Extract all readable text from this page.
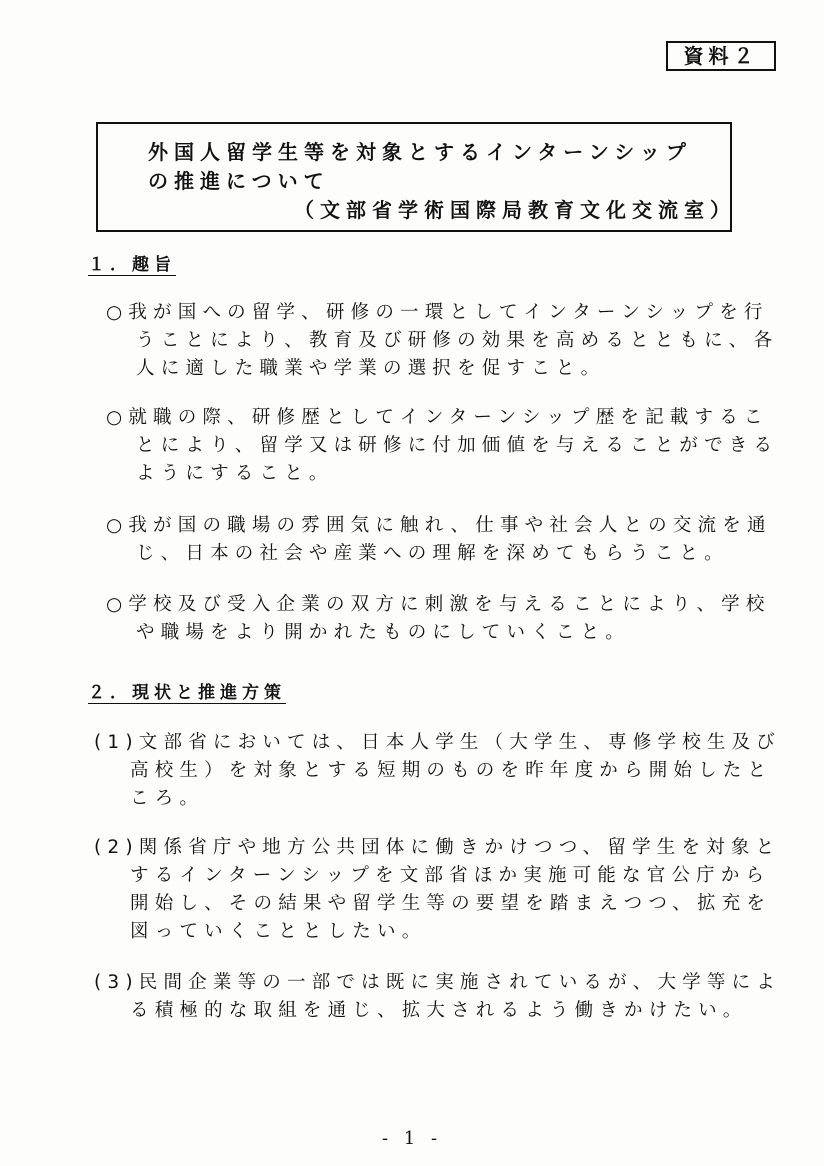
資料２
外国人留学生等を対象とするインターンシップ
の推進について
（文部省学術国際局教育文化交流室）
１．趣旨
○我が国への留学、研修の一環としてインターンシップを行
うことにより、教育及び研修の効果を高めるとともに、各
人に適した職業や学業の選択を促すこと。
○就職の際、研修歴としてインターンシップ歴を記載するこ
とにより、留学又は研修に付加価値を与えることができる
ようにすること。
○我が国の職場の雰囲気に触れ、仕事や社会人との交流を通
じ、日本の社会や産業への理解を深めてもらうこと。
○学校及び受入企業の双方に刺激を与えることにより、学校
や職場をより開かれたものにしていくこと。
２．現状と推進方策
(1)文部省においては、日本人学生（大学生、専修学校生及び
高校生）を対象とする短期のものを昨年度から開始したと
ころ。
(2)関係省庁や地方公共団体に働きかけつつ、留学生を対象と
するインターンシップを文部省ほか実施可能な官公庁から
開始し、その結果や留学生等の要望を踏まえつつ、拡充を
図っていくこととしたい。
(3)民間企業等の一部では既に実施されているが、大学等によ
る積極的な取組を通じ、拡大されるよう働きかけたい。
- 1 -
